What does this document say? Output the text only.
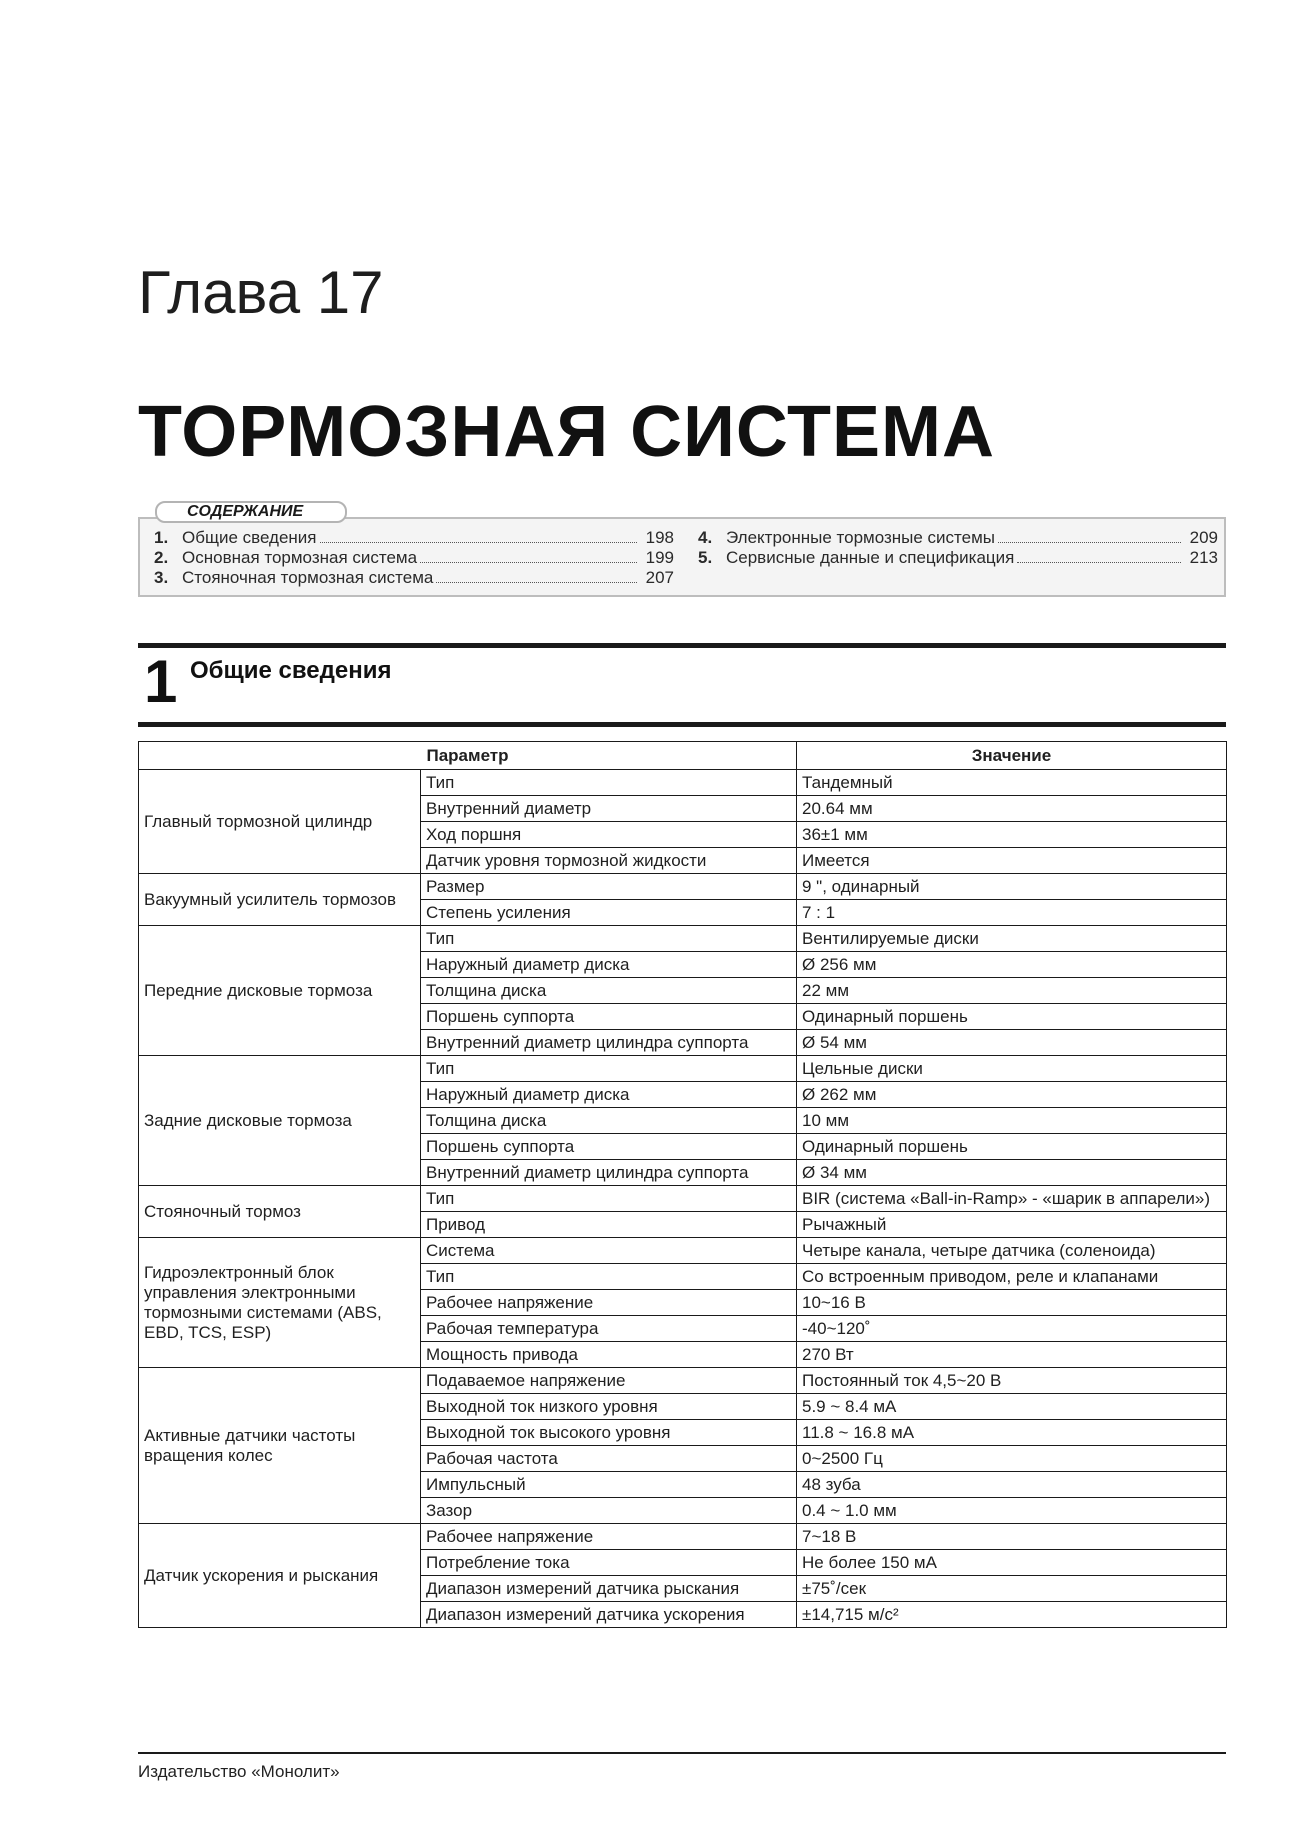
Глава 17
ТОРМОЗНАЯ СИСТЕМА
СОДЕРЖАНИЕ
1. Общие сведения	198
2. Основная тормозная система	199
3. Стояночная тормозная система	207
4. Электронные тормозные системы	209
5. Сервисные данные и спецификация	213
1 Общие сведения
Параметр		Значение
Главный тормозной цилиндр	Тип	Тандемный
	Внутренний диаметр	20.64 мм
	Ход поршня	36±1 мм
	Датчик уровня тормозной жидкости	Имеется
Вакуумный усилитель тормозов	Размер	9 ", одинарный
	Степень усиления	7 : 1
Передние дисковые тормоза	Тип	Вентилируемые диски
	Наружный диаметр диска	Ø 256 мм
	Толщина диска	22 мм
	Поршень суппорта	Одинарный поршень
	Внутренний диаметр цилиндра суппорта	Ø 54 мм
Задние дисковые тормоза	Тип	Цельные диски
	Наружный диаметр диска	Ø 262 мм
	Толщина диска	10 мм
	Поршень суппорта	Одинарный поршень
	Внутренний диаметр цилиндра суппорта	Ø 34 мм
Стояночный тормоз	Тип	BIR (система «Ball-in-Ramp» - «шарик в аппарели»)
	Привод	Рычажный
Гидроэлектронный блок управления электронными тормозными системами (ABS, EBD, TCS, ESP)	Система	Четыре канала, четыре датчика (соленоида)
	Тип	Со встроенным приводом, реле и клапанами
	Рабочее напряжение	10~16 В
	Рабочая температура	-40~120˚
	Мощность привода	270 Вт
Активные датчики частоты вращения колес	Подаваемое напряжение	Постоянный ток 4,5~20 В
	Выходной ток низкого уровня	5.9 ~ 8.4 мА
	Выходной ток высокого уровня	11.8 ~ 16.8 мА
	Рабочая частота	0~2500 Гц
	Импульсный	48 зуба
	Зазор	0.4 ~ 1.0 мм
Датчик ускорения и рыскания	Рабочее напряжение	7~18 В
	Потребление тока	Не более 150 мА
	Диапазон измерений датчика рыскания	±75˚/сек
	Диапазон измерений датчика ускорения	±14,715 м/с²
Издательство «Монолит»
